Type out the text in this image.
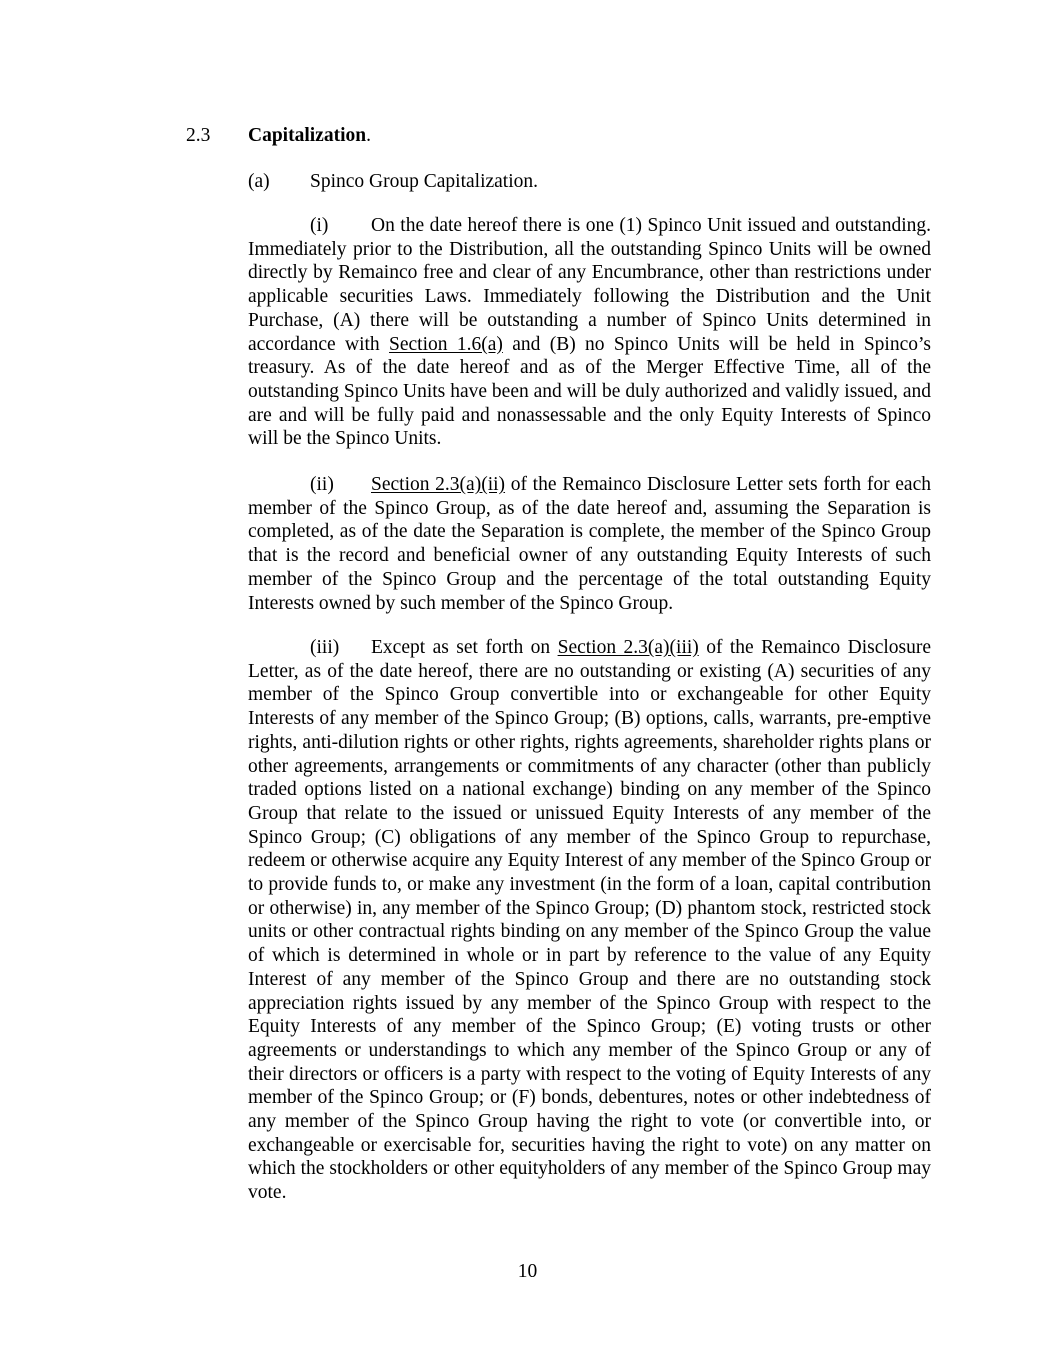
2.3 Capitalization.
(a) Spinco Group Capitalization.
(i) On the date hereof there is one (1) Spinco Unit issued and outstanding. Immediately prior to the Distribution, all the outstanding Spinco Units will be owned directly by Remainco free and clear of any Encumbrance, other than restrictions under applicable securities Laws. Immediately following the Distribution and the Unit Purchase, (A) there will be outstanding a number of Spinco Units determined in accordance with Section 1.6(a) and (B) no Spinco Units will be held in Spinco’s treasury. As of the date hereof and as of the Merger Effective Time, all of the outstanding Spinco Units have been and will be duly authorized and validly issued, and are and will be fully paid and nonassessable and the only Equity Interests of Spinco will be the Spinco Units.
(ii) Section 2.3(a)(ii) of the Remainco Disclosure Letter sets forth for each member of the Spinco Group, as of the date hereof and, assuming the Separation is completed, as of the date the Separation is complete, the member of the Spinco Group that is the record and beneficial owner of any outstanding Equity Interests of such member of the Spinco Group and the percentage of the total outstanding Equity Interests owned by such member of the Spinco Group.
(iii) Except as set forth on Section 2.3(a)(iii) of the Remainco Disclosure Letter, as of the date hereof, there are no outstanding or existing (A) securities of any member of the Spinco Group convertible into or exchangeable for other Equity Interests of any member of the Spinco Group; (B) options, calls, warrants, pre-emptive rights, anti-dilution rights or other rights, rights agreements, shareholder rights plans or other agreements, arrangements or commitments of any character (other than publicly traded options listed on a national exchange) binding on any member of the Spinco Group that relate to the issued or unissued Equity Interests of any member of the Spinco Group; (C) obligations of any member of the Spinco Group to repurchase, redeem or otherwise acquire any Equity Interest of any member of the Spinco Group or to provide funds to, or make any investment (in the form of a loan, capital contribution or otherwise) in, any member of the Spinco Group; (D) phantom stock, restricted stock units or other contractual rights binding on any member of the Spinco Group the value of which is determined in whole or in part by reference to the value of any Equity Interest of any member of the Spinco Group and there are no outstanding stock appreciation rights issued by any member of the Spinco Group with respect to the Equity Interests of any member of the Spinco Group; (E) voting trusts or other agreements or understandings to which any member of the Spinco Group or any of their directors or officers is a party with respect to the voting of Equity Interests of any member of the Spinco Group; or (F) bonds, debentures, notes or other indebtedness of any member of the Spinco Group having the right to vote (or convertible into, or exchangeable or exercisable for, securities having the right to vote) on any matter on which the stockholders or other equityholders of any member of the Spinco Group may vote.
10
